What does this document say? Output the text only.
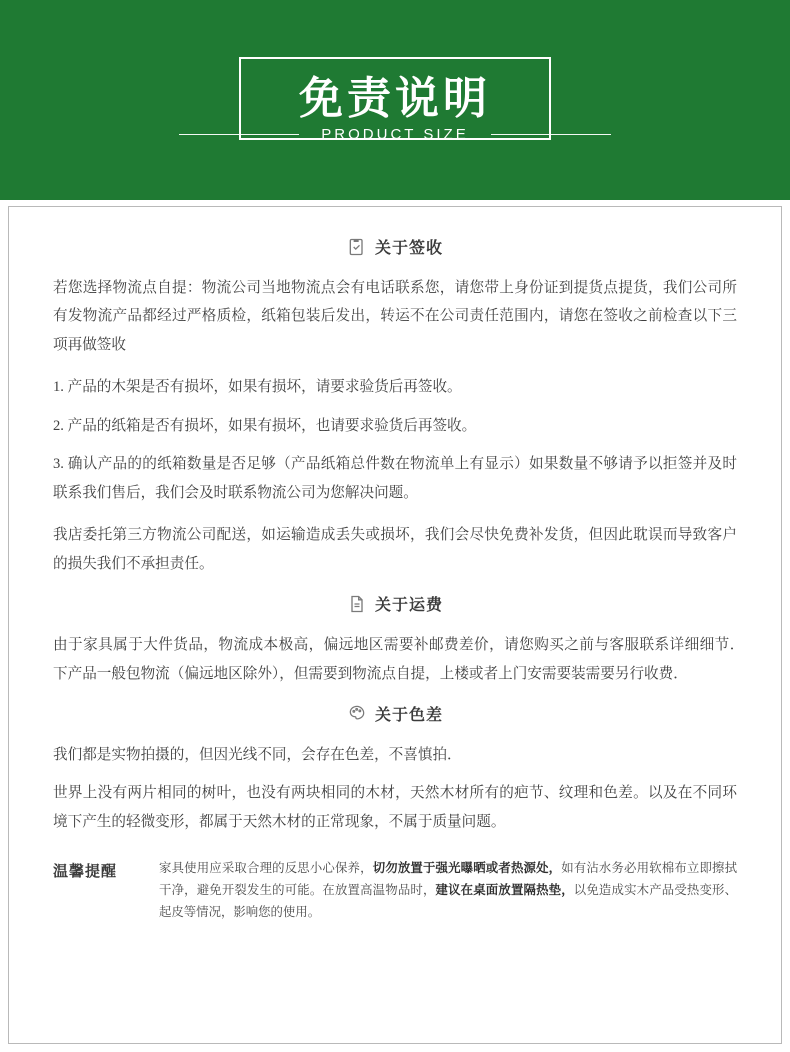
免责说明
PRODUCT SIZE
关于签收

若您选择物流点自提：物流公司当地物流点会有电话联系您，请您带上身份证到提货点提货，我们公司所有发物流产品都经过严格质检，纸箱包装后发出，转运不在公司责任范围内，请您在签收之前检查以下三项再做签收

1. 产品的木架是否有损坏，如果有损坏，请要求验货后再签收。

2. 产品的纸箱是否有损坏，如果有损坏，也请要求验货后再签收。

3. 确认产品的的纸箱数量是否足够（产品纸箱总件数在物流单上有显示）如果数量不够请予以拒签并及时联系我们售后，我们会及时联系物流公司为您解决问题。

我店委托第三方物流公司配送，如运输造成丢失或损坏，我们会尽快免费补发货，但因此耽误而导致客户的损失我们不承担责任。

关于运费

由于家具属于大件货品，物流成本极高，偏远地区需要补邮费差价，请您购买之前与客服联系详细细节．　下产品一般包物流（偏远地区除外），但需要到物流点自提，上楼或者上门安需要装需要另行收费．

关于色差

我们都是实物拍摄的，但因光线不同，会存在色差，不喜慎拍．

世界上没有两片相同的树叶，也没有两块相同的木材，天然木材所有的疤节、纹理和色差。以及在不同环境下产生的轻微变形，都属于天然木材的正常现象，不属于质量问题。

温馨提醒	家具使用应采取合理的反思小心保养，切勿放置于强光曝晒或者热源处，如有沾水务必用软棉布立即擦拭干净，避免开裂发生的可能。在放置高温物品时，建议在桌面放置隔热垫，以免造成实木产品受热变形、起皮等情况，影响您的使用。
